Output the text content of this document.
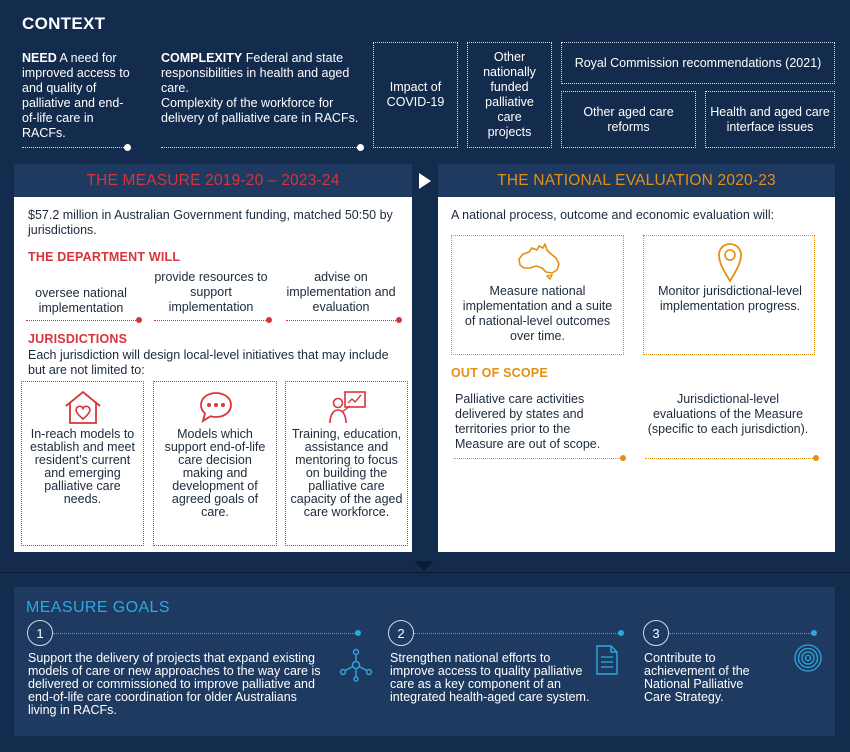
CONTEXT
NEED A need for improved access to and quality of palliative and end-of-life care in RACFs.
COMPLEXITY Federal and state responsibilities in health and aged care.
Complexity of the workforce for delivery of palliative care in RACFs.
Impact of COVID-19
Other nationally funded palliative care projects
Royal Commission recommendations (2021)
Other aged care reforms
Health and aged care interface issues
THE MEASURE 2019-20 – 2023-24
$57.2 million in Australian Government funding, matched 50:50 by jurisdictions.
THE DEPARTMENT WILL
oversee national implementation
provide resources to support implementation
advise on implementation and evaluation
JURISDICTIONS
Each jurisdiction will design local-level initiatives that may include but are not limited to:
In-reach models to establish and meet resident's current and emerging palliative care needs.
Models which support end-of-life care decision making and development of agreed goals of care.
Training, education, assistance and mentoring to focus on building the palliative care capacity of the aged care workforce.
THE NATIONAL EVALUATION 2020-23
A national process, outcome and economic evaluation will:
Measure national implementation and a suite of national-level outcomes over time.
Monitor jurisdictional-level implementation progress.
OUT OF SCOPE
Palliative care activities delivered by states and territories prior to the Measure are out of scope.
Jurisdictional-level evaluations of the Measure (specific to each jurisdiction).
MEASURE GOALS
1
Support the delivery of projects that expand existing models of care or new approaches to the way care is delivered or commissioned to improve palliative and end-of-life care coordination for older Australians living in RACFs.
2
Strengthen national efforts to improve access to quality palliative care as a key component of an integrated health-aged care system.
3
Contribute to achievement of the National Palliative Care Strategy.
